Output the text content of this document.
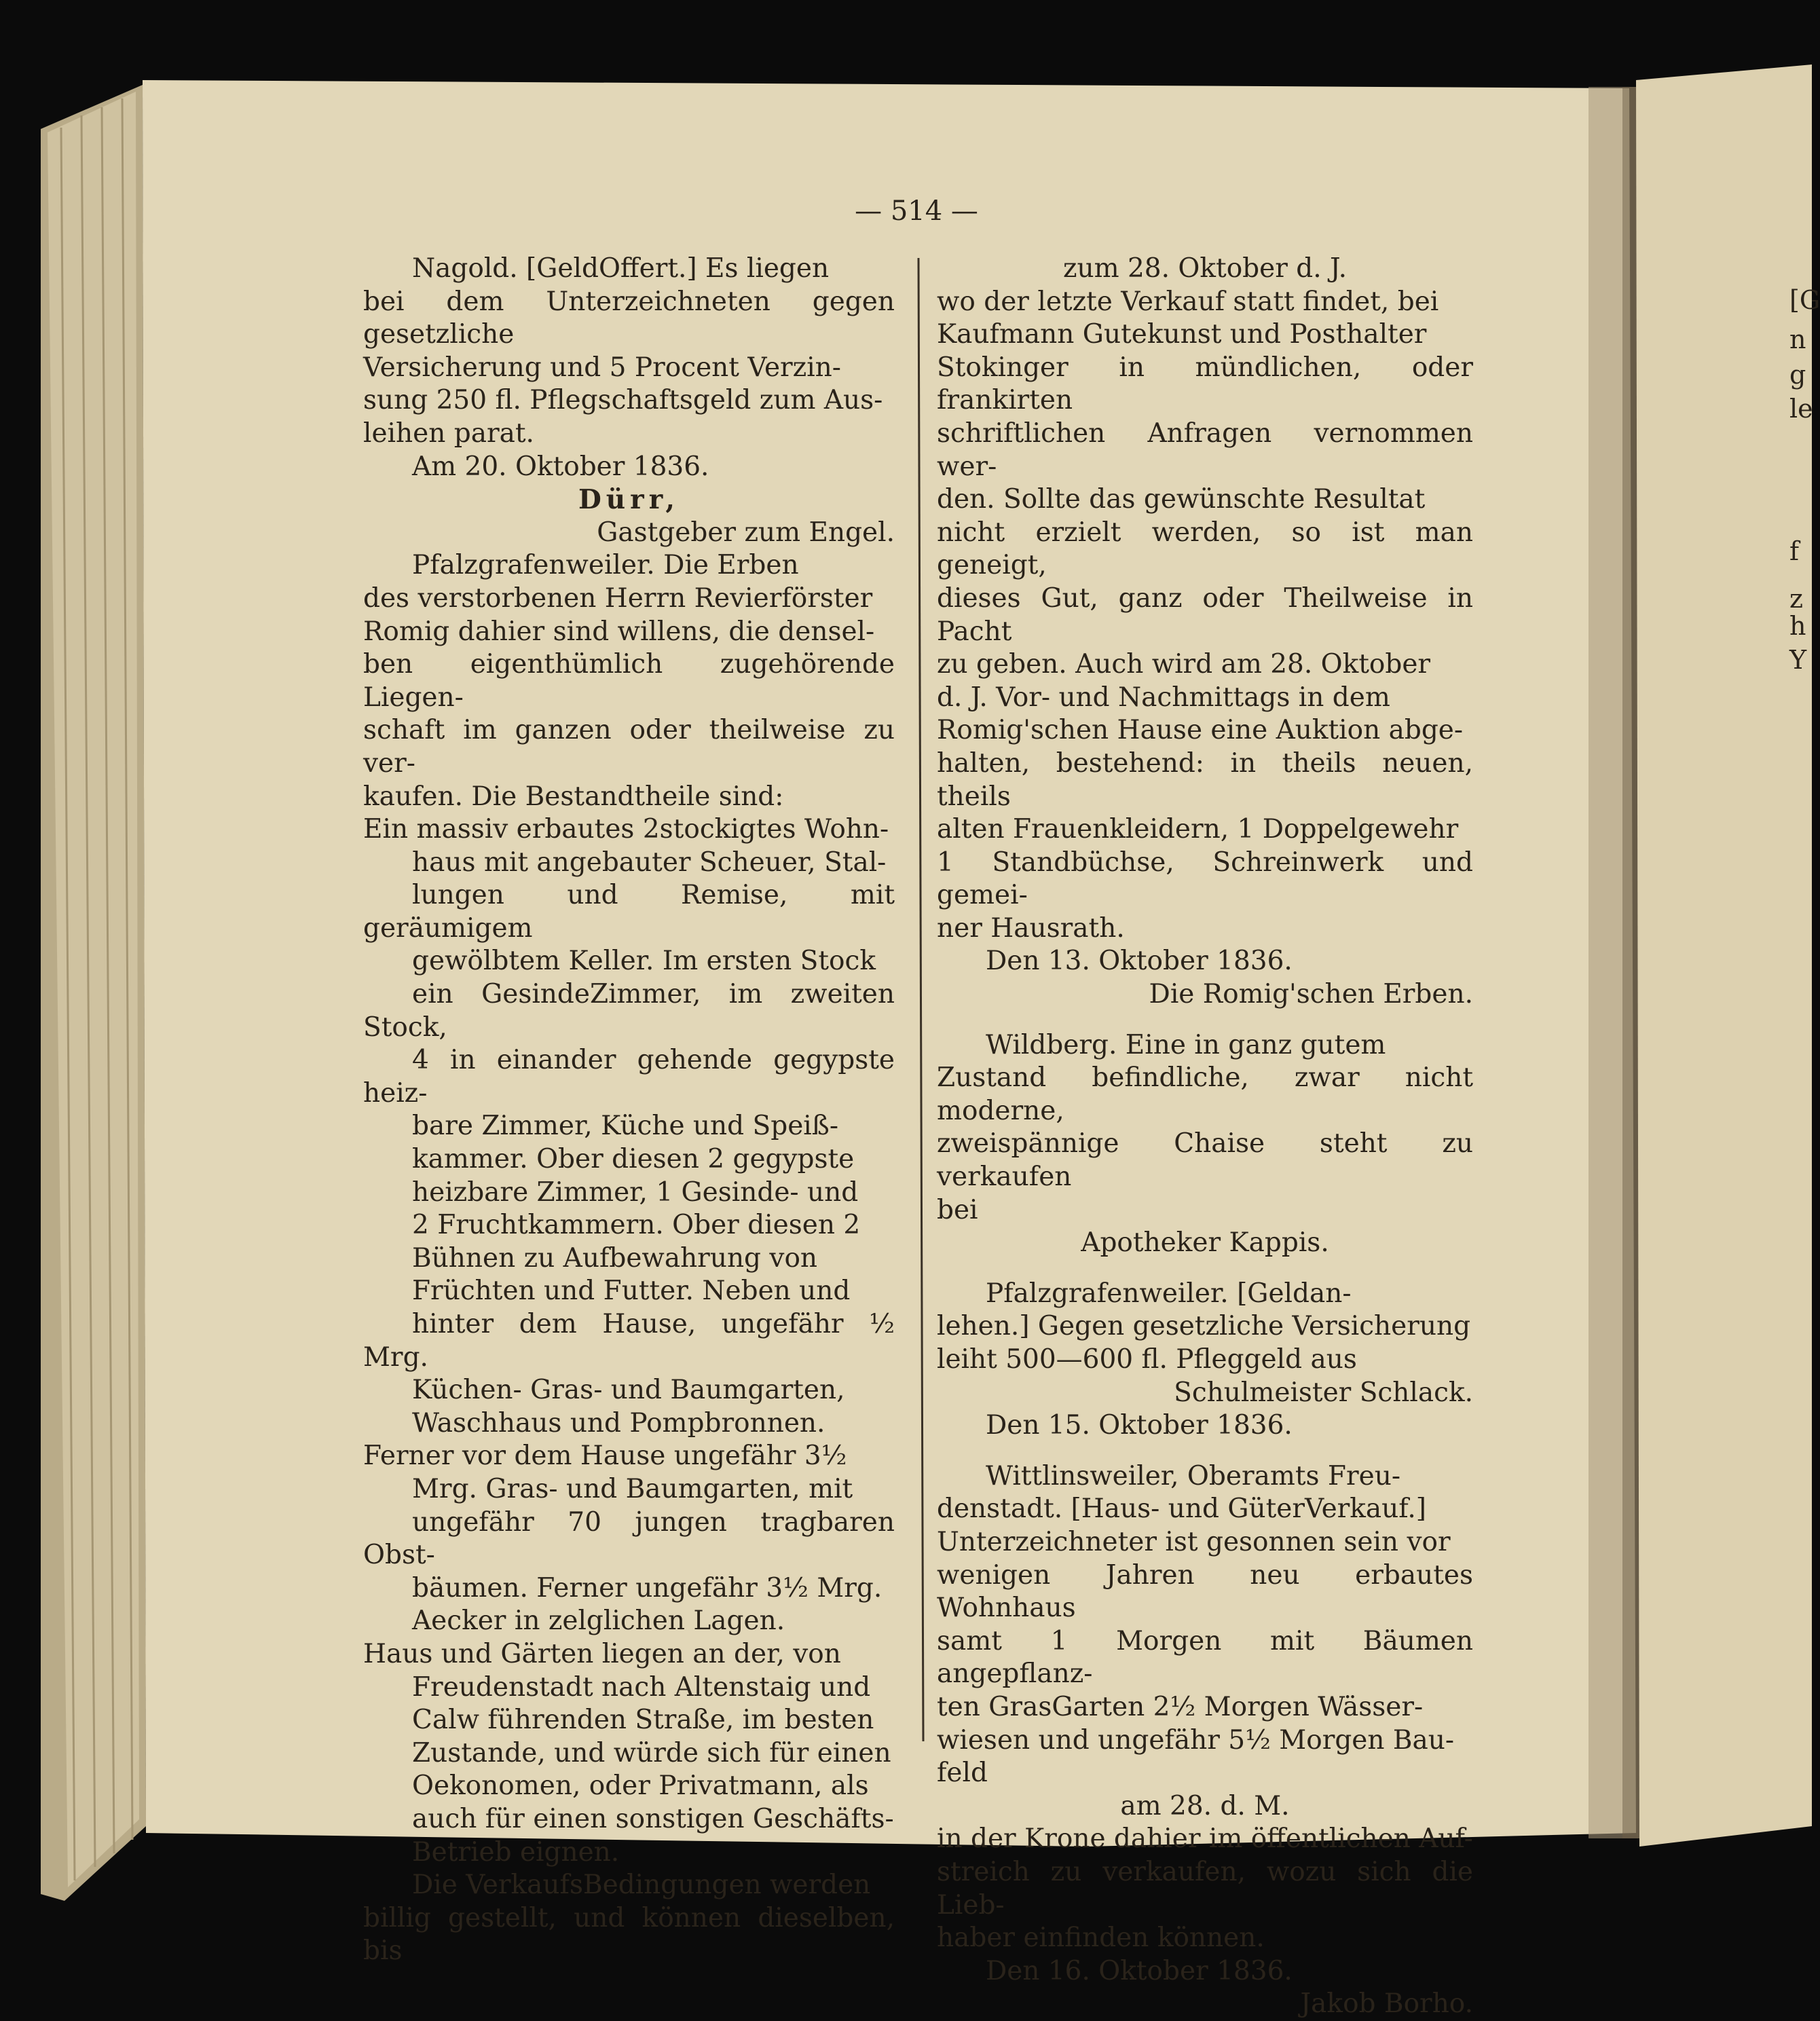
— 514 —

Nagold. [GeldOffert.] Es liegen

bei dem Unterzeichneten gegen gesetzliche

Versicherung und 5 Procent Verzin-

sung 250 fl. Pflegschaftsgeld zum Aus-

leihen parat.

Am 20. Oktober 1836.

Dürr,

Gastgeber zum Engel.

Pfalzgrafenweiler. Die Erben

des verstorbenen Herrn Revierförster

Romig dahier sind willens, die densel-

ben eigenthümlich zugehörende Liegen-

schaft im ganzen oder theilweise zu ver-

kaufen. Die Bestandtheile sind:

Ein massiv erbautes 2stockigtes Wohn-

haus mit angebauter Scheuer, Stal-

lungen und Remise, mit geräumigem

gewölbtem Keller. Im ersten Stock

ein GesindeZimmer, im zweiten Stock,

4 in einander gehende gegypste heiz-

bare Zimmer, Küche und Speiß-

kammer. Ober diesen 2 gegypste

heizbare Zimmer, 1 Gesinde- und

2 Fruchtkammern. Ober diesen 2

Bühnen zu Aufbewahrung von

Früchten und Futter. Neben und

hinter dem Hause, ungefähr ½ Mrg.

Küchen- Gras- und Baumgarten,

Waschhaus und Pompbronnen.

Ferner vor dem Hause ungefähr 3½

Mrg. Gras- und Baumgarten, mit

ungefähr 70 jungen tragbaren Obst-

bäumen. Ferner ungefähr 3½ Mrg.

Aecker in zelglichen Lagen.

Haus und Gärten liegen an der, von

Freudenstadt nach Altenstaig und

Calw führenden Straße, im besten

Zustande, und würde sich für einen

Oekonomen, oder Privatmann, als

auch für einen sonstigen Geschäfts-

Betrieb eignen.

Die VerkaufsBedingungen werden

billig gestellt, und können dieselben, bis

zum 28. Oktober d. J.

wo der letzte Verkauf statt findet, bei

Kaufmann Gutekunst und Posthalter

Stokinger in mündlichen, oder frankirten

schriftlichen Anfragen vernommen wer-

den. Sollte das gewünschte Resultat

nicht erzielt werden, so ist man geneigt,

dieses Gut, ganz oder Theilweise in Pacht

zu geben. Auch wird am 28. Oktober

d. J. Vor- und Nachmittags in dem

Romig'schen Hause eine Auktion abge-

halten, bestehend: in theils neuen, theils

alten Frauenkleidern, 1 Doppelgewehr

1 Standbüchse, Schreinwerk und gemei-

ner Hausrath.

Den 13. Oktober 1836.

Die Romig'schen Erben.

Wildberg. Eine in ganz gutem

Zustand befindliche, zwar nicht moderne,

zweispännige Chaise steht zu verkaufen

bei

Apotheker Kappis.

Pfalzgrafenweiler. [Geldan-

lehen.] Gegen gesetzliche Versicherung

leiht 500—600 fl. Pfleggeld aus

Schulmeister Schlack.

Den 15. Oktober 1836.

Wittlinsweiler, Oberamts Freu-

denstadt. [Haus- und GüterVerkauf.]

Unterzeichneter ist gesonnen sein vor

wenigen Jahren neu erbautes Wohnhaus

samt 1 Morgen mit Bäumen angepflanz-

ten GrasGarten 2½ Morgen Wässer-

wiesen und ungefähr 5½ Morgen Bau-

feld

am 28. d. M.

in der Krone dahier im öffentlichen Auf-

streich zu verkaufen, wozu sich die Lieb-

haber einfinden können.

Den 16. Oktober 1836.

Jakob Borho.

[G
n
g
le
f
z
h
Y
